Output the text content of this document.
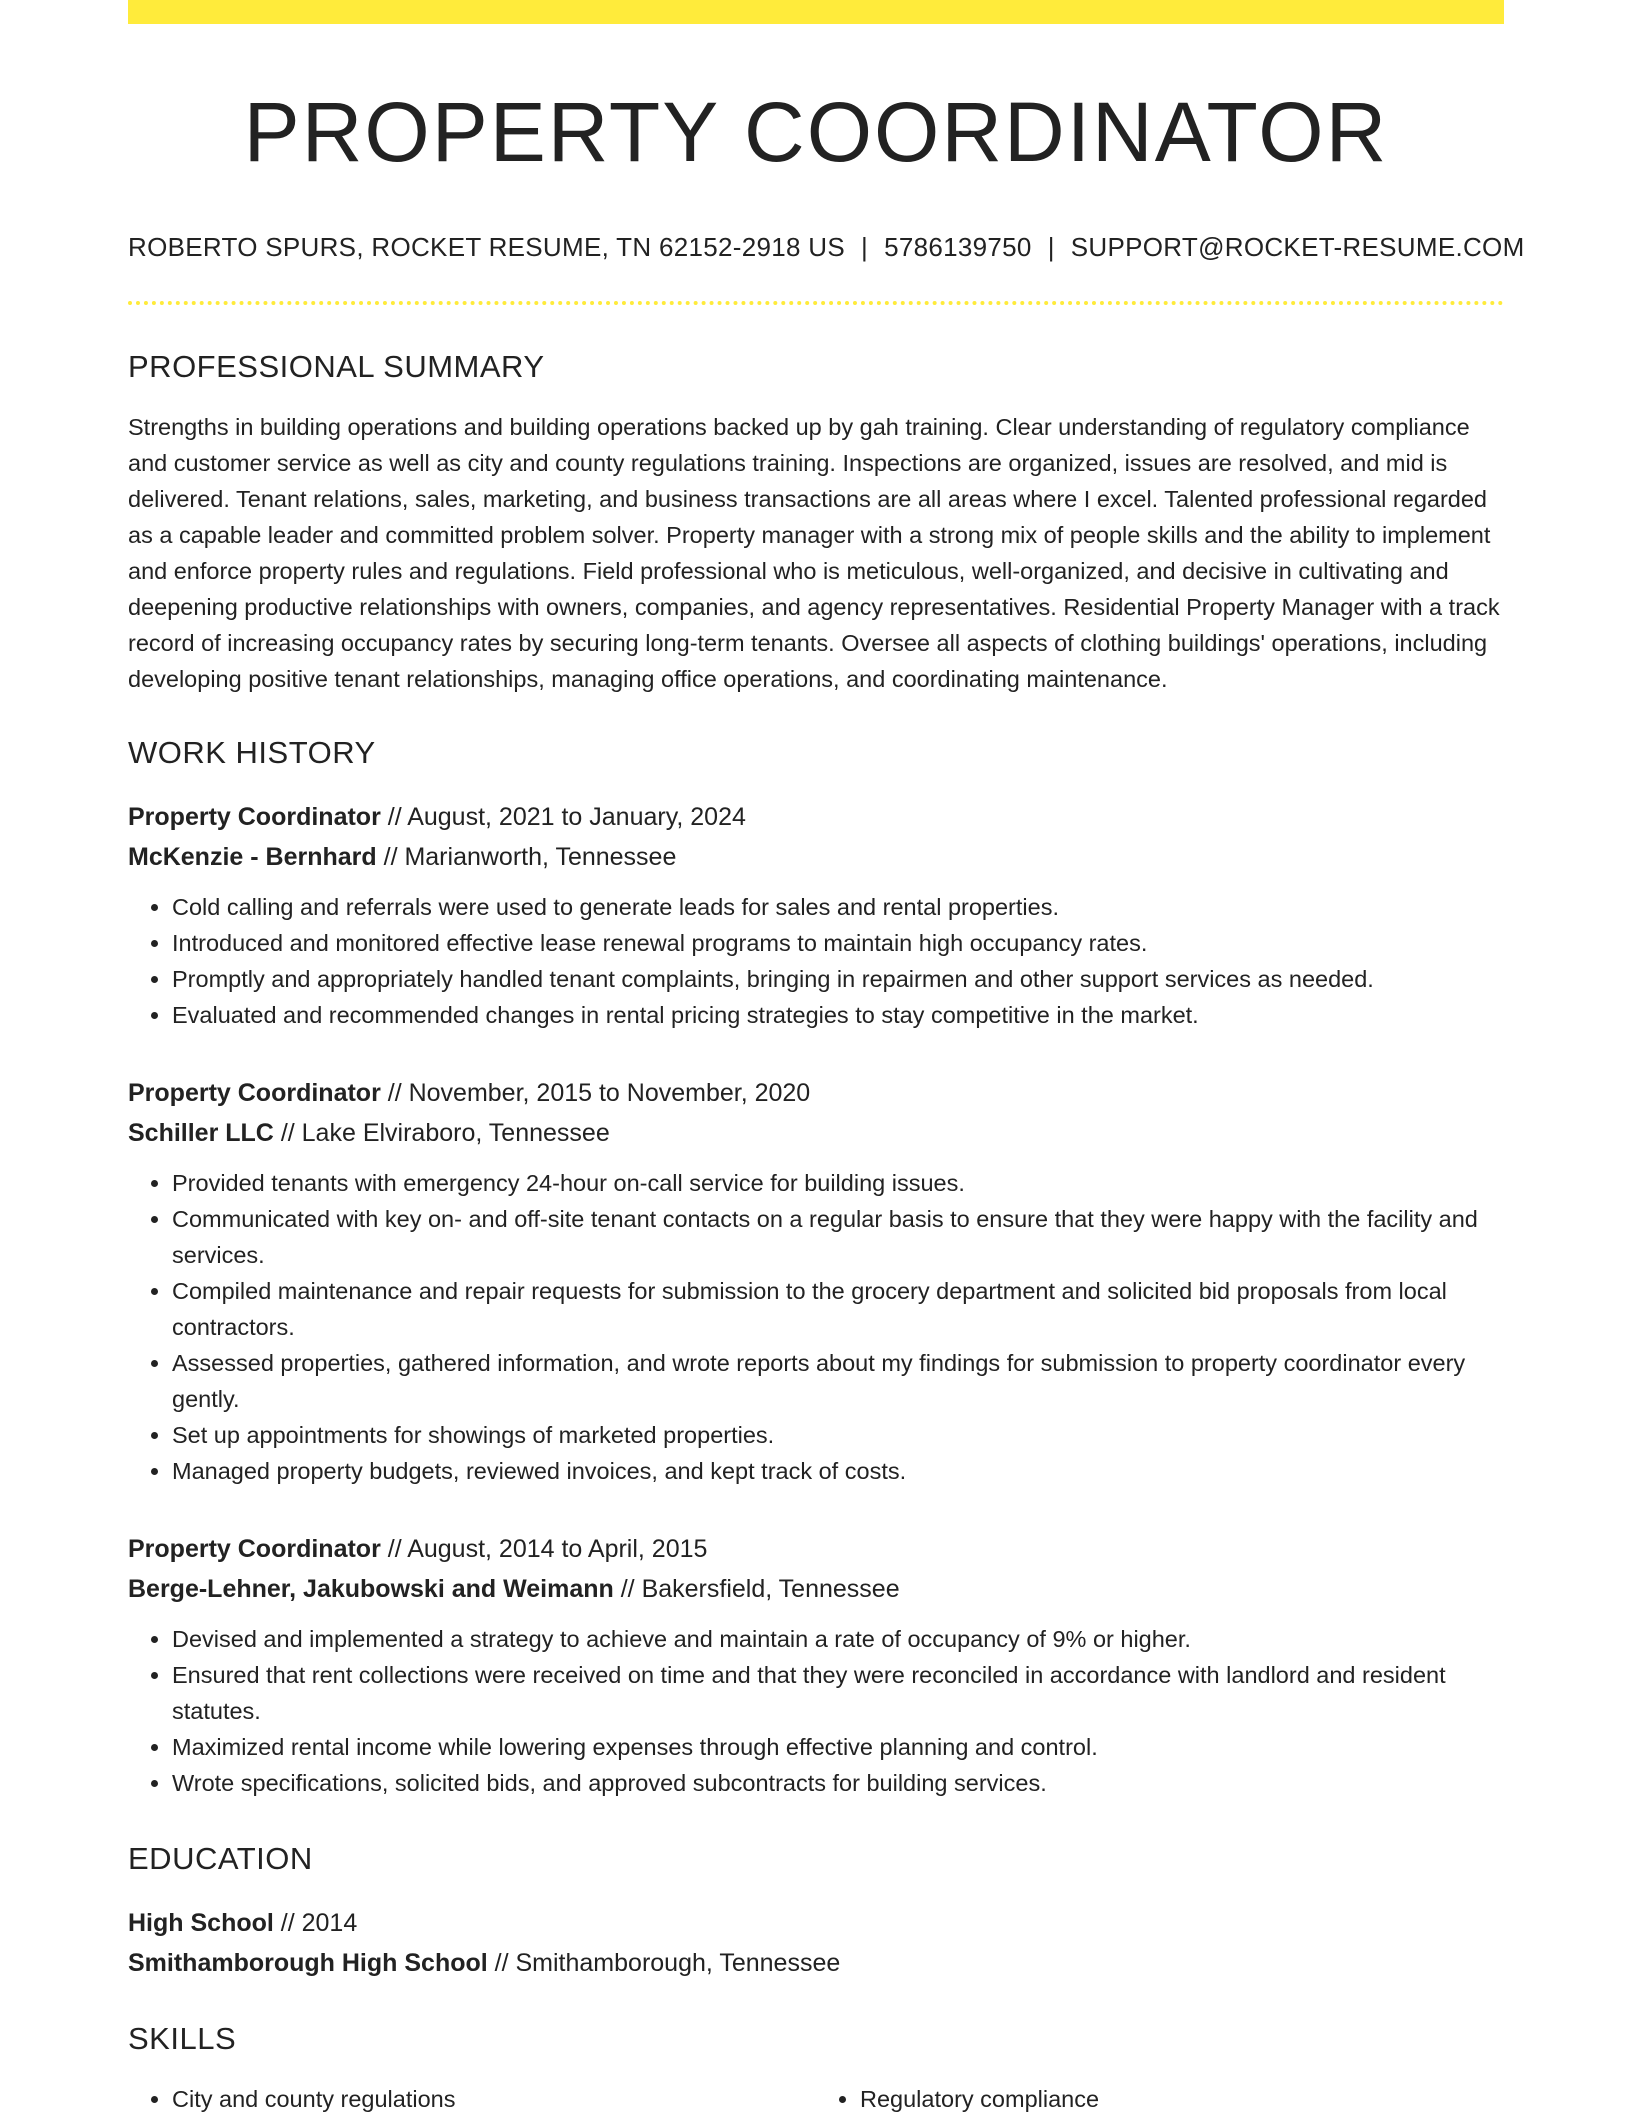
PROPERTY COORDINATOR
ROBERTO SPURS, ROCKET RESUME, TN 62152-2918 US | 5786139750 | SUPPORT@ROCKET-RESUME.COM
PROFESSIONAL SUMMARY
Strengths in building operations and building operations backed up by gah training. Clear understanding of regulatory compliance and customer service as well as city and county regulations training. Inspections are organized, issues are resolved, and mid is delivered. Tenant relations, sales, marketing, and business transactions are all areas where I excel. Talented professional regarded as a capable leader and committed problem solver. Property manager with a strong mix of people skills and the ability to implement and enforce property rules and regulations. Field professional who is meticulous, well-organized, and decisive in cultivating and deepening productive relationships with owners, companies, and agency representatives. Residential Property Manager with a track record of increasing occupancy rates by securing long-term tenants. Oversee all aspects of clothing buildings' operations, including developing positive tenant relationships, managing office operations, and coordinating maintenance.
WORK HISTORY
Property Coordinator // August, 2021 to January, 2024
McKenzie - Bernhard // Marianworth, Tennessee
• Cold calling and referrals were used to generate leads for sales and rental properties.
• Introduced and monitored effective lease renewal programs to maintain high occupancy rates.
• Promptly and appropriately handled tenant complaints, bringing in repairmen and other support services as needed.
• Evaluated and recommended changes in rental pricing strategies to stay competitive in the market.
Property Coordinator // November, 2015 to November, 2020
Schiller LLC // Lake Elviraboro, Tennessee
• Provided tenants with emergency 24-hour on-call service for building issues.
• Communicated with key on- and off-site tenant contacts on a regular basis to ensure that they were happy with the facility and services.
• Compiled maintenance and repair requests for submission to the grocery department and solicited bid proposals from local contractors.
• Assessed properties, gathered information, and wrote reports about my findings for submission to property coordinator every gently.
• Set up appointments for showings of marketed properties.
• Managed property budgets, reviewed invoices, and kept track of costs.
Property Coordinator // August, 2014 to April, 2015
Berge-Lehner, Jakubowski and Weimann // Bakersfield, Tennessee
• Devised and implemented a strategy to achieve and maintain a rate of occupancy of 9% or higher.
• Ensured that rent collections were received on time and that they were reconciled in accordance with landlord and resident statutes.
• Maximized rental income while lowering expenses through effective planning and control.
• Wrote specifications, solicited bids, and approved subcontracts for building services.
EDUCATION
High School // 2014
Smithamborough High School // Smithamborough, Tennessee
SKILLS
• City and county regulations
•	Regulatory compliance
